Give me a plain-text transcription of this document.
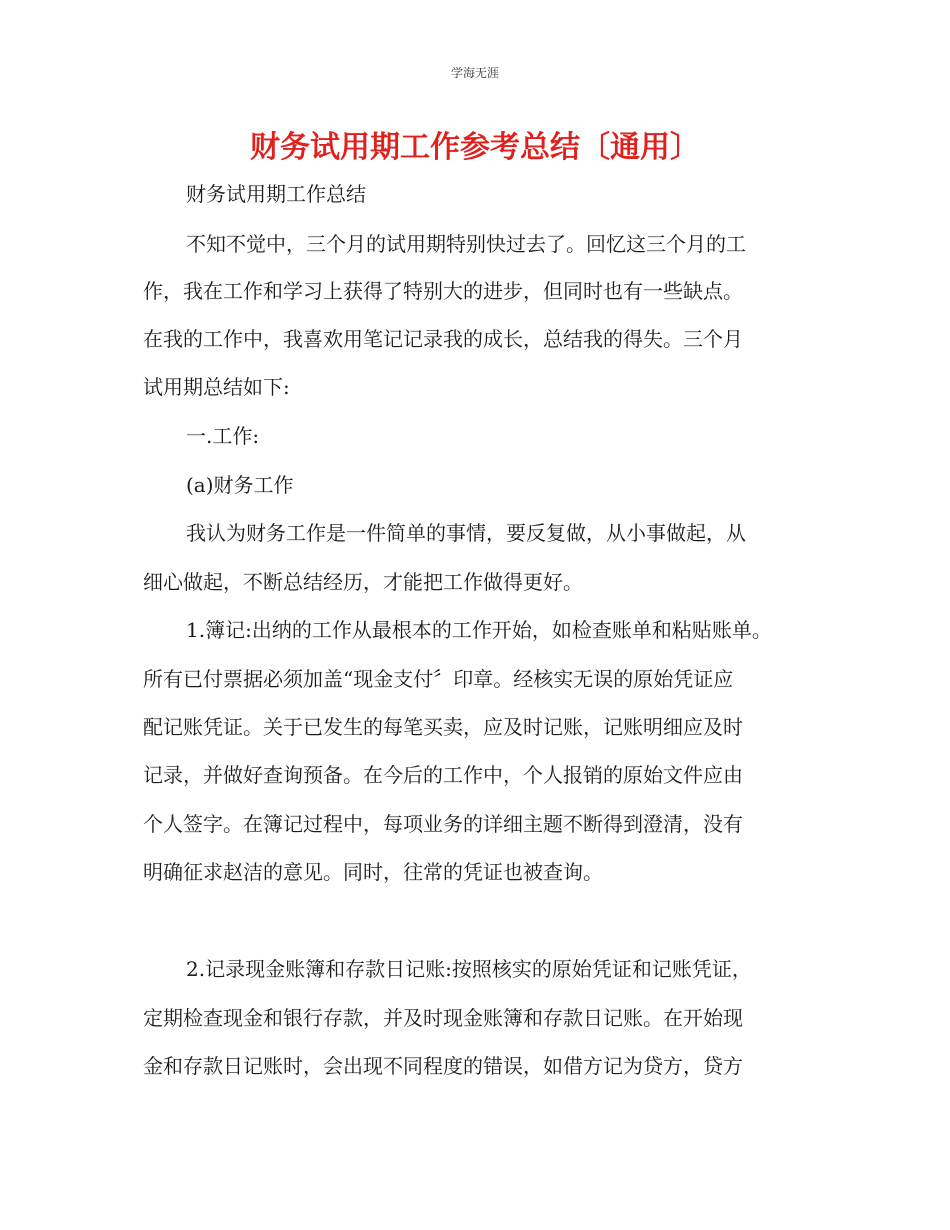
学海无涯
财务试用期工作参考总结〔通用〕
财务试用期工作总结
不知不觉中，三个月的试用期特别快过去了。回忆这三个月的工
作，我在工作和学习上获得了特别大的进步，但同时也有一些缺点。
在我的工作中，我喜欢用笔记记录我的成长，总结我的得失。三个月
试用期总结如下:
一.工作:
(a)财务工作
我认为财务工作是一件简单的事情，要反复做，从小事做起，从
细心做起，不断总结经历，才能把工作做得更好。
1.簿记:出纳的工作从最根本的工作开始，如检查账单和粘贴账单。
所有已付票据必须加盖“现金支付〞印章。经核实无误的原始凭证应
配记账凭证。关于已发生的每笔买卖，应及时记账，记账明细应及时
记录，并做好查询预备。在今后的工作中，个人报销的原始文件应由
个人签字。在簿记过程中，每项业务的详细主题不断得到澄清，没有
明确征求赵洁的意见。同时，往常的凭证也被查询。
2.记录现金账簿和存款日记账:按照核实的原始凭证和记账凭证，
定期检查现金和银行存款，并及时现金账簿和存款日记账。在开始现
金和存款日记账时，会出现不同程度的错误，如借方记为贷方，贷方
